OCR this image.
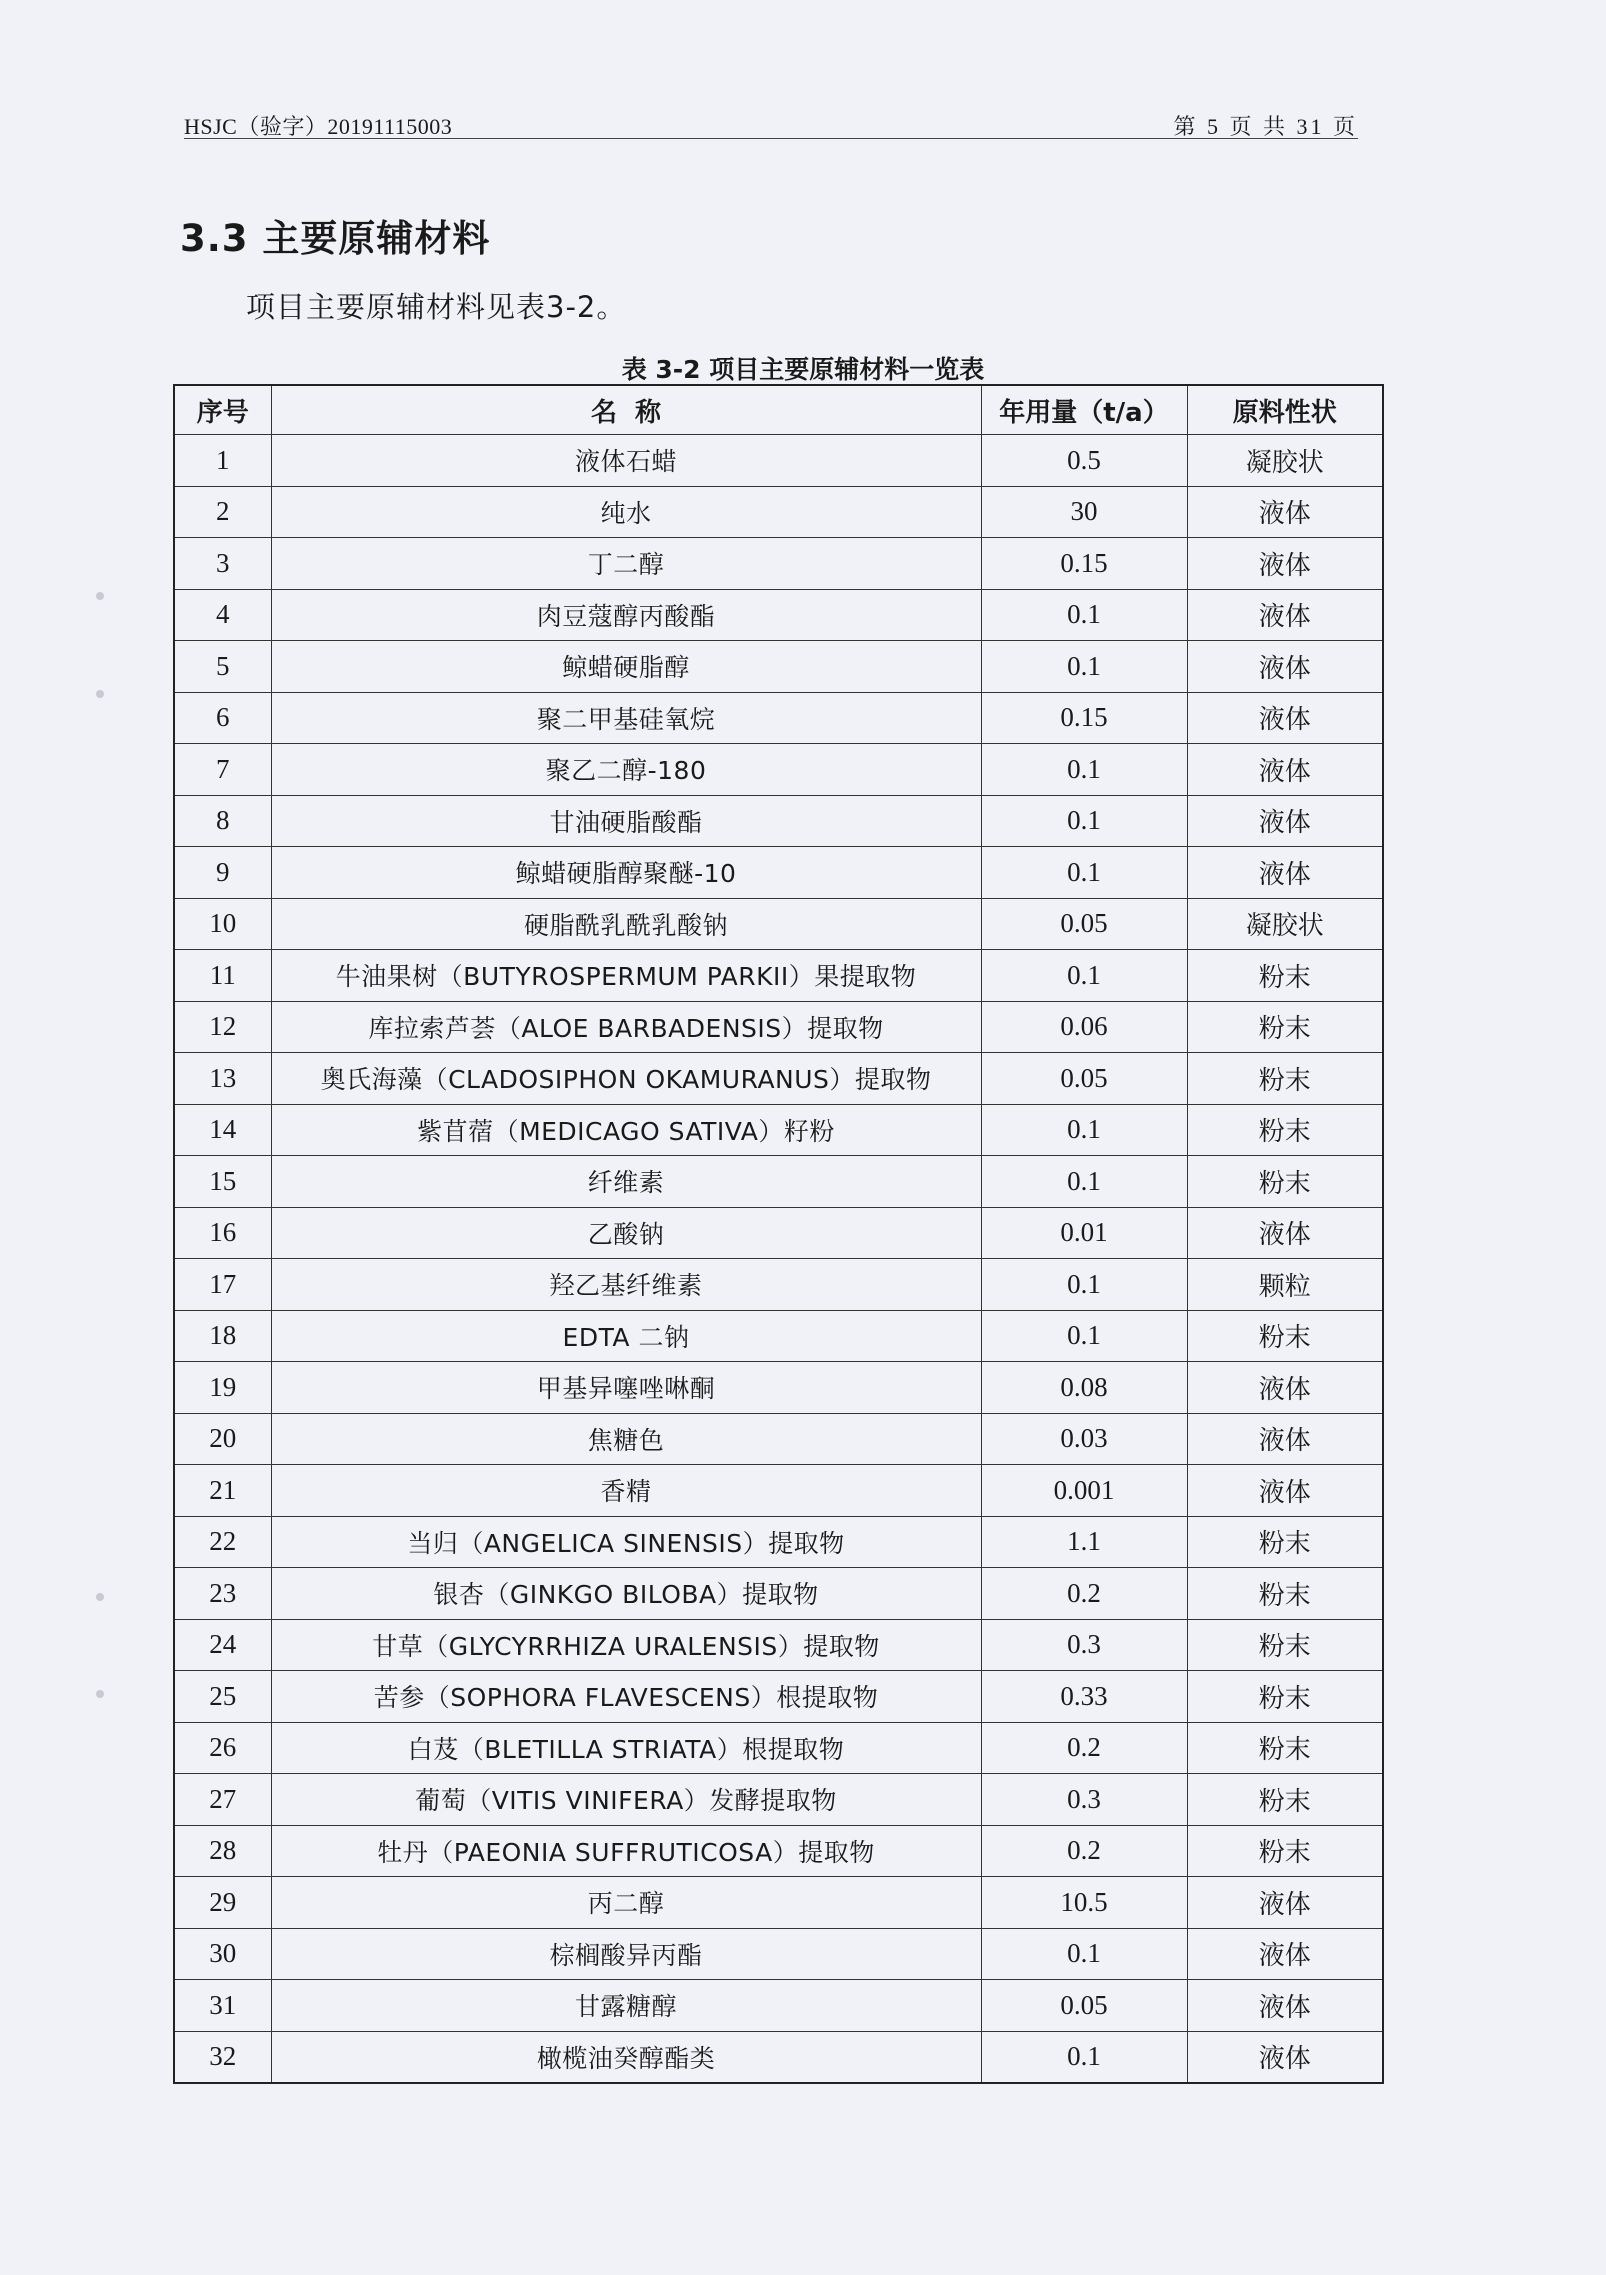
HSJC（验字）20191115003	第 5 页 共 31 页
3.3 主要原辅材料
项目主要原辅材料见表3-2。
表 3-2 项目主要原辅材料一览表
序号	名  称	年用量（t/a）	原料性状
1	液体石蜡	0.5	凝胶状
2	纯水	30	液体
3	丁二醇	0.15	液体
4	肉豆蔻醇丙酸酯	0.1	液体
5	鲸蜡硬脂醇	0.1	液体
6	聚二甲基硅氧烷	0.15	液体
7	聚乙二醇-180	0.1	液体
8	甘油硬脂酸酯	0.1	液体
9	鲸蜡硬脂醇聚醚-10	0.1	液体
10	硬脂酰乳酰乳酸钠	0.05	凝胶状
11	牛油果树（BUTYROSPERMUM PARKII）果提取物	0.1	粉末
12	库拉索芦荟（ALOE BARBADENSIS）提取物	0.06	粉末
13	奥氏海藻（CLADOSIPHON OKAMURANUS）提取物	0.05	粉末
14	紫苜蓿（MEDICAGO SATIVA）籽粉	0.1	粉末
15	纤维素	0.1	粉末
16	乙酸钠	0.01	液体
17	羟乙基纤维素	0.1	颗粒
18	EDTA 二钠	0.1	粉末
19	甲基异噻唑啉酮	0.08	液体
20	焦糖色	0.03	液体
21	香精	0.001	液体
22	当归（ANGELICA SINENSIS）提取物	1.1	粉末
23	银杏（GINKGO BILOBA）提取物	0.2	粉末
24	甘草（GLYCYRRHIZA URALENSIS）提取物	0.3	粉末
25	苦参（SOPHORA FLAVESCENS）根提取物	0.33	粉末
26	白芨（BLETILLA STRIATA）根提取物	0.2	粉末
27	葡萄（VITIS VINIFERA）发酵提取物	0.3	粉末
28	牡丹（PAEONIA SUFFRUTICOSA）提取物	0.2	粉末
29	丙二醇	10.5	液体
30	棕榈酸异丙酯	0.1	液体
31	甘露糖醇	0.05	液体
32	橄榄油癸醇酯类	0.1	液体
